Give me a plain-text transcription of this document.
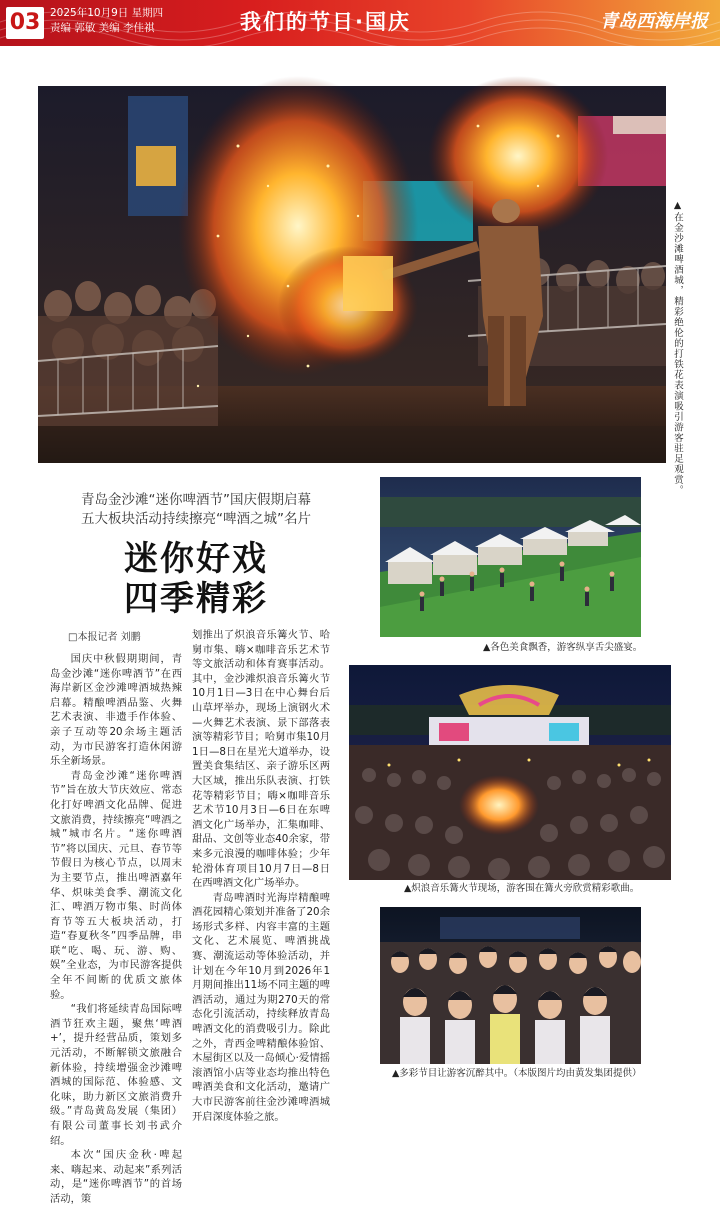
03 2025年10月9日 星期四
责编 郭敏 美编 李佳祺	我们的节日·国庆	青岛西海岸报
▲在金沙滩啤酒城，精彩绝伦的打铁花表演吸引游客驻足观赏。
青岛金沙滩“迷你啤酒节”国庆假期启幕
五大板块活动持续擦亮“啤酒之城”名片
迷你好戏
四季精彩
□本报记者 刘鹏

国庆中秋假期期间，青岛金沙滩“迷你啤酒节”在西海岸新区金沙滩啤酒城热辣启幕。精酿啤酒品鉴、火舞艺术表演、非遗手作体验、亲子互动等20余场主题活动，为市民游客打造休闲游乐全新场景。

青岛金沙滩“迷你啤酒节”旨在放大节庆效应、常态化打好啤酒文化品牌、促进文旅消费，持续擦亮“啤酒之城”城市名片。“迷你啤酒节”将以国庆、元旦、春节等节假日为核心节点，以周末为主要节点，推出啤酒嘉年华、炽味美食季、潮流文化汇、啤酒万物市集、时尚体育节等五大板块活动，打造“春夏秋冬”四季品牌，串联“吃、喝、玩、游、购、娱”全业态，为市民游客提供全年不间断的优质文旅体验。

“我们将延续青岛国际啤酒节狂欢主题，聚焦‘啤酒+’，提升经营品质，策划多元活动，不断解锁文旅融合新体验，持续增强金沙滩啤酒城的国际范、体验感、文化味，助力新区文旅消费升级。”青岛黄岛发展（集团）有限公司董事长刘书武介绍。

本次“国庆金秋·啤起来、嗨起来、动起来”系列活动，是“迷你啤酒节”的首场活动，策

划推出了炽浪音乐篝火节、哈舅市集、嗨×咖啡音乐艺术节等文旅活动和体育赛事活动。其中，金沙滩炽浪音乐篝火节10月1日—3日在中心舞台后山草坪举办，现场上演钢火术—火舞艺术表演、景下部落表演等精彩节目；哈舅市集10月1日—8日在星光大道举办，设置美食集结区、亲子游乐区两大区域，推出乐队表演、打铁花等精彩节目；嗨×咖啡音乐艺术节10月3日—6日在东啤酒文化广场举办，汇集咖啡、甜品、文创等业态40余家，带来多元浪漫的咖啡体验；少年轮滑体育项目10月7日—8日在西啤酒文化广场举办。

青岛啤酒时光海岸精酿啤酒花园精心策划并准备了20余场形式多样、内容丰富的主题文化、艺术展览、啤酒挑战赛、潮流运动等体验活动，并计划在今年10月到2026年1月期间推出11场不同主题的啤酒活动，通过为期270天的常态化引流活动，持续释放青岛啤酒文化的消费吸引力。除此之外，青西金啤精酿体验馆、木屋街区以及一岛倾心·爱情摇滚酒馆小店等业态均推出特色啤酒美食和文化活动，邀请广大市民游客前往金沙滩啤酒城开启深度体验之旅。

▲各色美食飘香，游客纵享舌尖盛宴。
▲炽浪音乐篝火节现场，游客围在篝火旁欣赏精彩歌曲。
▲多彩节目让游客沉醉其中。（本版图片均由黄发集团提供）
